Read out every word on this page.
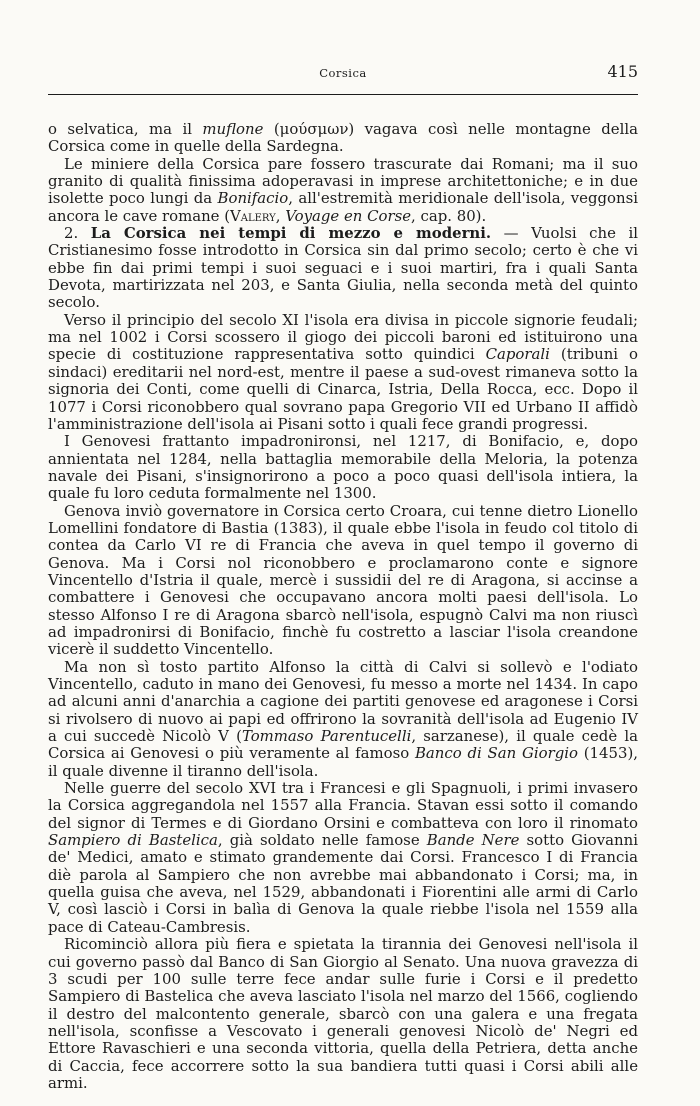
Corsica	415

o selvatica, ma il muflone (μούσμων) vagava così nelle montagne della Corsica come in quelle della Sardegna.

Le miniere della Corsica pare fossero trascurate dai Romani; ma il suo granito di qualità finissima adoperavasi in imprese architettoniche; e in due isolette poco lungi da Bonifacio, all'estremità meridionale dell'isola, veggonsi ancora le cave romane (Valery, Voyage en Corse, cap. 80).

2. La Corsica nei tempi di mezzo e moderni. — Vuolsi che il Cristianesimo fosse introdotto in Corsica sin dal primo secolo; certo è che vi ebbe fin dai primi tempi i suoi seguaci e i suoi martiri, fra i quali Santa Devota, martirizzata nel 203, e Santa Giulia, nella seconda metà del quinto secolo.

Verso il principio del secolo XI l'isola era divisa in piccole signorie feudali; ma nel 1002 i Corsi scossero il giogo dei piccoli baroni ed istituirono una specie di costituzione rappresentativa sotto quindici Caporali (tribuni o sindaci) ereditarii nel nord-est, mentre il paese a sud-ovest rimaneva sotto la signoria dei Conti, come quelli di Cinarca, Istria, Della Rocca, ecc. Dopo il 1077 i Corsi riconobbero qual sovrano papa Gregorio VII ed Urbano II affidò l'amministrazione dell'isola ai Pisani sotto i quali fece grandi progressi.

I Genovesi frattanto impadronironsi, nel 1217, di Bonifacio, e, dopo annientata nel 1284, nella battaglia memorabile della Meloria, la potenza navale dei Pisani, s'insignorirono a poco a poco quasi dell'isola intiera, la quale fu loro ceduta formalmente nel 1300.

Genova inviò governatore in Corsica certo Croara, cui tenne dietro Lionello Lomellini fondatore di Bastia (1383), il quale ebbe l'isola in feudo col titolo di contea da Carlo VI re di Francia che aveva in quel tempo il governo di Genova. Ma i Corsi nol riconobbero e proclamarono conte e signore Vincentello d'Istria il quale, mercè i sussidii del re di Aragona, si accinse a combattere i Genovesi che occupavano ancora molti paesi dell'isola. Lo stesso Alfonso I re di Aragona sbarcò nell'isola, espugnò Calvi ma non riuscì ad impadronirsi di Bonifacio, finchè fu costretto a lasciar l'isola creandone vicerè il suddetto Vincentello.

Ma non sì tosto partito Alfonso la città di Calvi si sollevò e l'odiato Vincentello, caduto in mano dei Genovesi, fu messo a morte nel 1434. In capo ad alcuni anni d'anarchia a cagione dei partiti genovese ed aragonese i Corsi si rivolsero di nuovo ai papi ed offrirono la sovranità dell'isola ad Eugenio IV a cui succedè Nicolò V (Tommaso Parentucelli, sarzanese), il quale cedè la Corsica ai Genovesi o più veramente al famoso Banco di San Giorgio (1453), il quale divenne il tiranno dell'isola.

Nelle guerre del secolo XVI tra i Francesi e gli Spagnuoli, i primi invasero la Corsica aggregandola nel 1557 alla Francia. Stavan essi sotto il comando del signor di Termes e di Giordano Orsini e combatteva con loro il rinomato Sampiero di Bastelica, già soldato nelle famose Bande Nere sotto Giovanni de' Medici, amato e stimato grandemente dai Corsi. Francesco I di Francia diè parola al Sampiero che non avrebbe mai abbandonato i Corsi; ma, in quella guisa che aveva, nel 1529, abbandonati i Fiorentini alle armi di Carlo V, così lasciò i Corsi in balìa di Genova la quale riebbe l'isola nel 1559 alla pace di Cateau-Cambresis.

Ricominciò allora più fiera e spietata la tirannia dei Genovesi nell'isola il cui governo passò dal Banco di San Giorgio al Senato. Una nuova gravezza di 3 scudi per 100 sulle terre fece andar sulle furie i Corsi e il predetto Sampiero di Bastelica che aveva lasciato l'isola nel marzo del 1566, cogliendo il destro del malcontento generale, sbarcò con una galera e una fregata nell'isola, sconfisse a Vescovato i generali genovesi Nicolò de' Negri ed Ettore Ravaschieri e una seconda vittoria, quella della Petriera, detta anche di Caccia, fece accorrere sotto la sua bandiera tutti quasi i Corsi abili alle armi.
